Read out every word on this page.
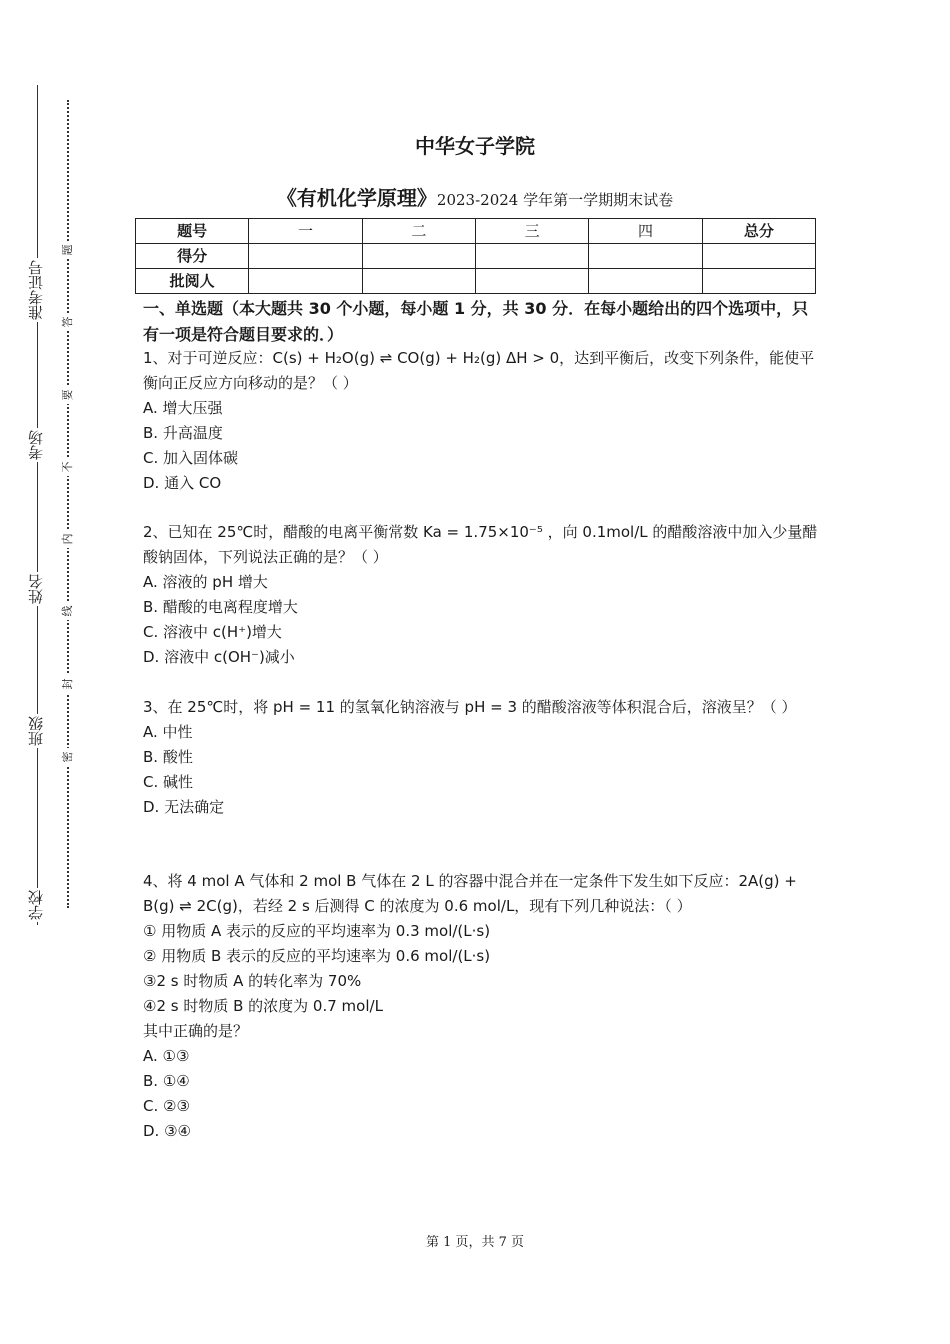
准考证号
考场
姓名
班级
学校
题
答
要
不
内
线
封
密
中华女子学院
《有机化学原理》2023-2024 学年第一学期期末试卷
题号	一	二	三	四	总分
得分					
批阅人					
一、单选题（本大题共 30 个小题，每小题 1 分，共 30 分．在每小题给出的四个选项中，只有一项是符合题目要求的．）

1、对于可逆反应：C(s) + H₂O(g) ⇌ CO(g) + H₂(g) ΔH > 0，达到平衡后，改变下列条件，能使平衡向正反应方向移动的是？（ ）

A. 增大压强

B. 升高温度

C. 加入固体碳

D. 通入 CO

2、已知在 25℃时，醋酸的电离平衡常数 Ka = 1.75×10⁻⁵ ，向 0.1mol/L 的醋酸溶液中加入少量醋酸钠固体，下列说法正确的是？（ ）

A. 溶液的 pH 增大

B. 醋酸的电离程度增大

C. 溶液中 c(H⁺)增大

D. 溶液中 c(OH⁻)减小

3、在 25℃时，将 pH = 11 的氢氧化钠溶液与 pH = 3 的醋酸溶液等体积混合后，溶液呈？（ ）

A. 中性

B. 酸性

C. 碱性

D. 无法确定

4、将 4 mol A 气体和 2 mol B 气体在 2 L 的容器中混合并在一定条件下发生如下反应：2A(g) + B(g) ⇌ 2C(g)，若经 2 s 后测得 C 的浓度为 0.6 mol/L，现有下列几种说法：（ ）

① 用物质 A 表示的反应的平均速率为 0.3 mol/(L·s)

② 用物质 B 表示的反应的平均速率为 0.6 mol/(L·s)

③2 s 时物质 A 的转化率为 70%

④2 s 时物质 B 的浓度为 0.7 mol/L

其中正确的是？

A. ①③

B. ①④

C. ②③

D. ③④

第 1 页，共 7 页
